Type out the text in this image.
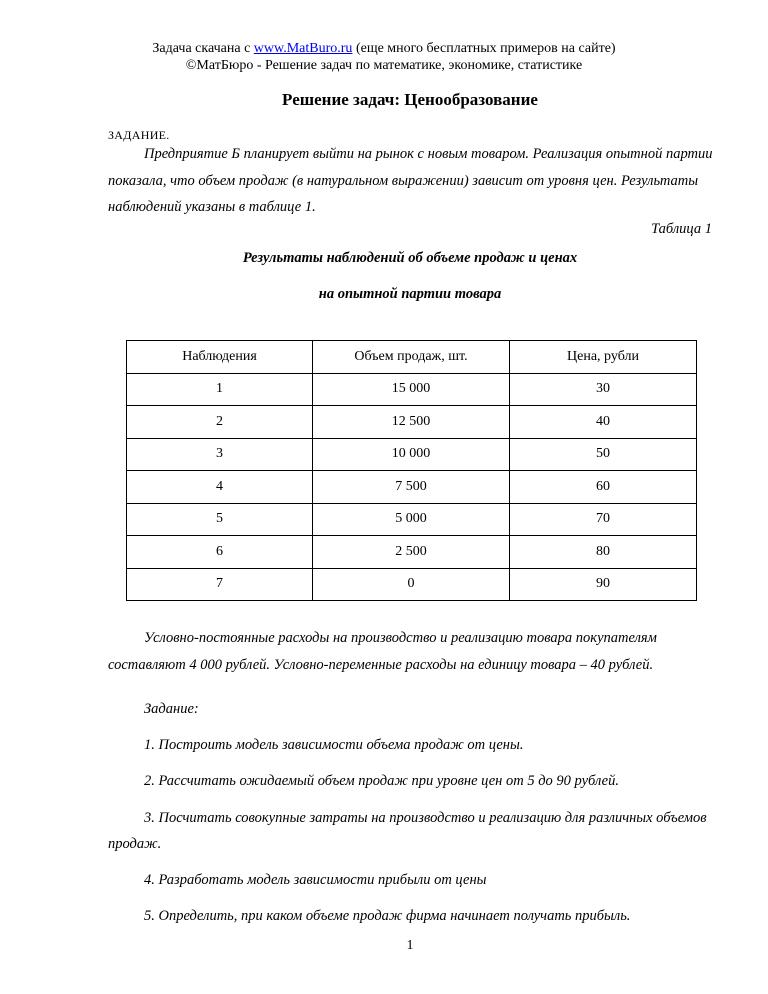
Задача скачана с www.MatBuro.ru (еще много бесплатных примеров на сайте)
©МатБюро - Решение задач по математике, экономике, статистике
Решение задач: Ценообразование
ЗАДАНИЕ.
Предприятие Б планирует выйти на рынок с новым товаром. Реализация опытной партии показала, что объем продаж (в натуральном выражении) зависит от уровня цен. Результаты наблюдений указаны в таблице 1.
Таблица 1
Результаты наблюдений об объеме продаж и ценах
на опытной партии товара
Наблюдения	Объем продаж, шт.	Цена, рубли
1	15 000	30
2	12 500	40
3	10 000	50
4	7 500	60
5	5 000	70
6	2 500	80
7	0	90
Условно-постоянные расходы на производство и реализацию товара покупателям составляют 4 000 рублей. Условно-переменные расходы на единицу товара – 40 рублей.
Задание:
1. Построить модель зависимости объема продаж от цены.
2. Рассчитать ожидаемый объем продаж при уровне цен от 5 до 90 рублей.
3. Посчитать совокупные затраты на производство и реализацию для различных объемов продаж.
4. Разработать модель зависимости прибыли от цены
5. Определить, при каком объеме продаж фирма начинает получать прибыль.
1
